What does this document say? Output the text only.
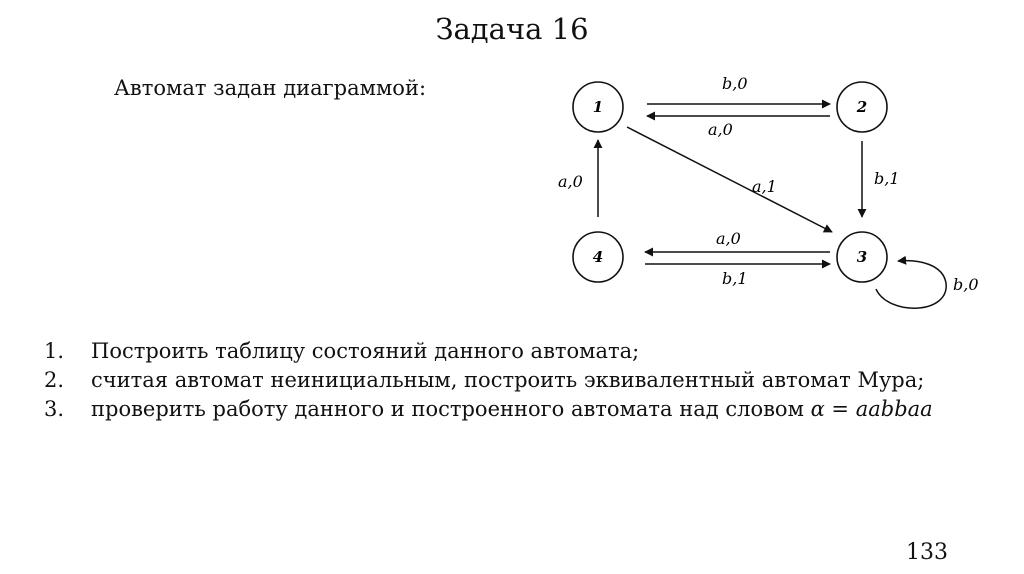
Задача 16
Автомат задан диаграммой:
1	2
3
4
b,0
a,0
b,1
a,1
a,0
a,0
b,1	b,0
1. Построить таблицу состояний данного автомата;
2. считая автомат неинициальным, построить эквивалентный автомат Мура;
3. проверить работу данного и построенного автомата над словом α = aabbaa
133
